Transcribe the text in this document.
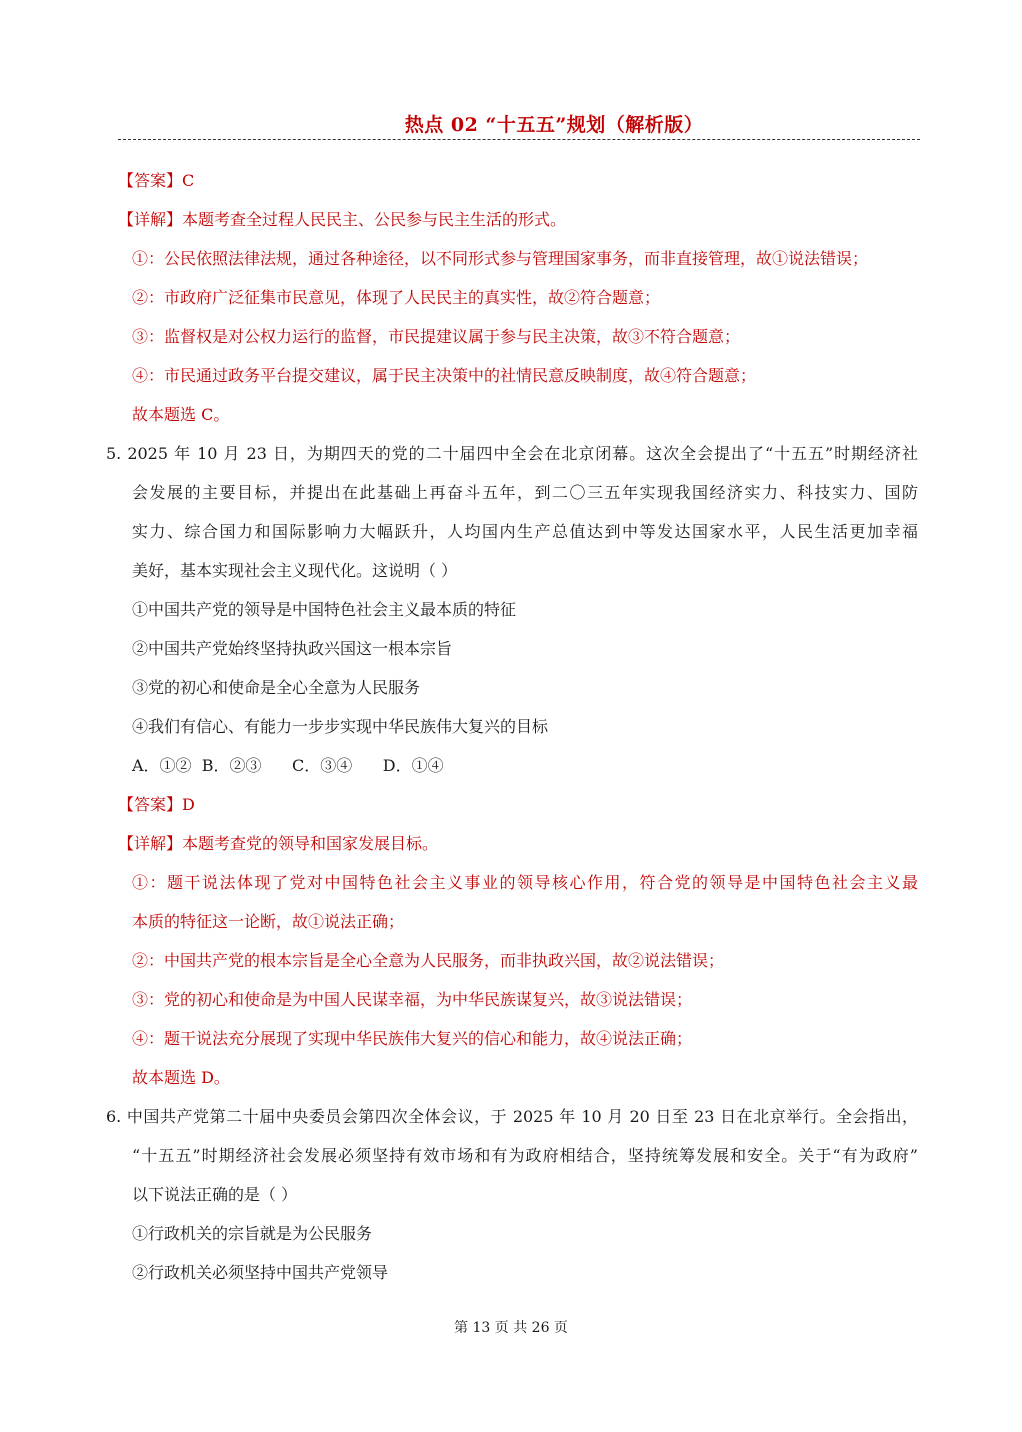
热点 02 “十五五”规划（解析版）
【答案】C
【详解】本题考查全过程人民民主、公民参与民主生活的形式。
①：公民依照法律法规，通过各种途径，以不同形式参与管理国家事务，而非直接管理，故①说法错误；
②：市政府广泛征集市民意见，体现了人民民主的真实性，故②符合题意；
③：监督权是对公权力运行的监督，市民提建议属于参与民主决策，故③不符合题意；
④：市民通过政务平台提交建议，属于民主决策中的社情民意反映制度，故④符合题意；
故本题选 C。
5. 2025 年 10 月 23 日，为期四天的党的二十届四中全会在北京闭幕。这次全会提出了“十五五”时期经济社
会发展的主要目标，并提出在此基础上再奋斗五年，到二〇三五年实现我国经济实力、科技实力、国防
实力、综合国力和国际影响力大幅跃升，人均国内生产总值达到中等发达国家水平，人民生活更加幸福
美好，基本实现社会主义现代化。这说明（ ）
①中国共产党的领导是中国特色社会主义最本质的特征
②中国共产党始终坚持执政兴国这一根本宗旨
③党的初心和使命是全心全意为人民服务
④我们有信心、有能力一步步实现中华民族伟大复兴的目标
A．①②  B．②③      C．③④      D．①④
【答案】D
【详解】本题考查党的领导和国家发展目标。
①：题干说法体现了党对中国特色社会主义事业的领导核心作用，符合党的领导是中国特色社会主义最
本质的特征这一论断，故①说法正确；
②：中国共产党的根本宗旨是全心全意为人民服务，而非执政兴国，故②说法错误；
③：党的初心和使命是为中国人民谋幸福，为中华民族谋复兴，故③说法错误；
④：题干说法充分展现了实现中华民族伟大复兴的信心和能力，故④说法正确；
故本题选 D。
6. 中国共产党第二十届中央委员会第四次全体会议，于 2025 年 10 月 20 日至 23 日在北京举行。全会指出，
“十五五”时期经济社会发展必须坚持有效市场和有为政府相结合，坚持统筹发展和安全。关于“有为政府”
以下说法正确的是（ ）
①行政机关的宗旨就是为公民服务
②行政机关必须坚持中国共产党领导
第 13 页 共 26 页
